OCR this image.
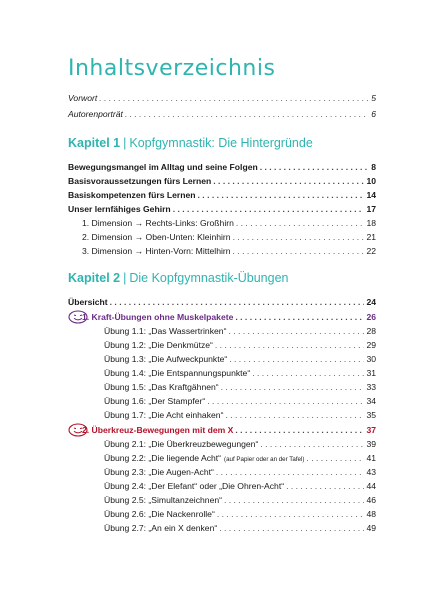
Inhaltsverzeichnis
Vorwort . . .	5
Autorenporträt . . .	6
Kapitel 1 | Kopfgymnastik: Die Hintergründe
Bewegungsmangel im Alltag und seine Folgen . . .	8
Basisvoraussetzungen fürs Lernen . . .	10
Basiskompetenzen fürs Lernen . . .	14
Unser lernfähiges Gehirn . . .	17
1. Dimension → Rechts-Links: Großhirn . . .	18
2. Dimension → Oben-Unten: Kleinhirn . . .	21
3. Dimension → Hinten-Vorn: Mittelhirn . . .	22
Kapitel 2 | Die Kopfgymnastik-Übungen
Übersicht . . .	24
1. Kraft-Übungen ohne Muskelpakete . . .	26
Übung 1.1: „Das Wassertrinken“ . . .	28
Übung 1.2: „Die Denkmütze“ . . .	29
Übung 1.3: „Die Aufweckpunkte“ . . .	30
Übung 1.4: „Die Entspannungspunkte“ . . .	31
Übung 1.5: „Das Kraftgähnen“ . . .	33
Übung 1.6: „Der Stampfer“ . . .	34
Übung 1.7: „Die Acht einhaken“ . . .	35
2. Überkreuz-Bewegungen mit dem X . . .	37
Übung 2.1: „Die Überkreuzbewegungen“ . . .	39
Übung 2.2: „Die liegende Acht“ (auf Papier oder an der Tafel) . . .	41
Übung 2.3: „Die Augen-Acht“ . . .	43
Übung 2.4: „Der Elefant“ oder „Die Ohren-Acht“ . . .	44
Übung 2.5: „Simultanzeichnen“ . . .	46
Übung 2.6: „Die Nackenrolle“ . . .	48
Übung 2.7: „An ein X denken“ . . .	49
